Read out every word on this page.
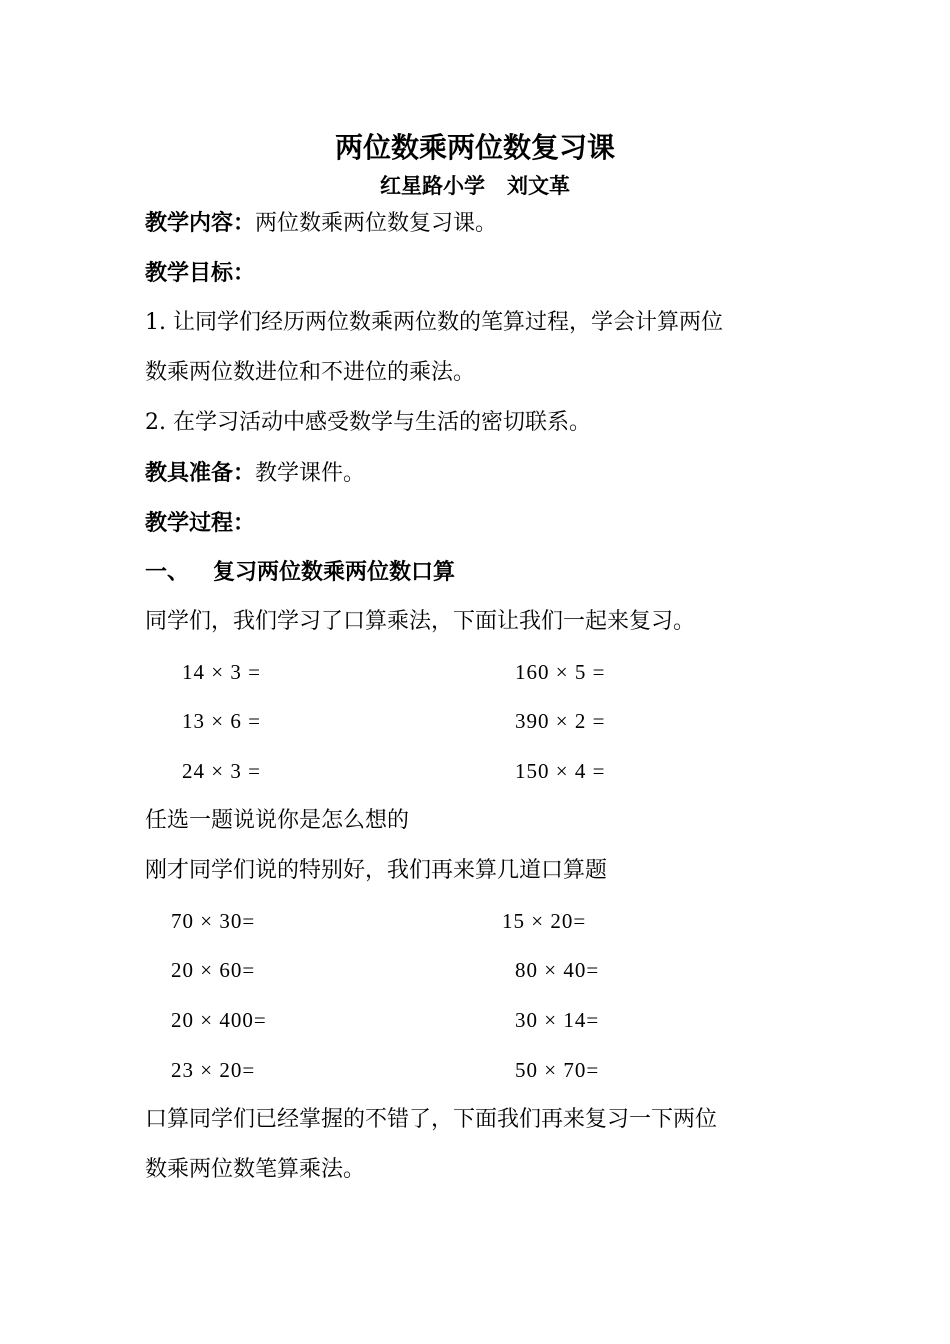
两位数乘两位数复习课
红星路小学   刘文革
教学内容：两位数乘两位数复习课。
教学目标：
1. 让同学们经历两位数乘两位数的笔算过程，学会计算两位
数乘两位数进位和不进位的乘法。
2. 在学习活动中感受数学与生活的密切联系。
教具准备：教学课件。
教学过程：
一、 复习两位数乘两位数口算
同学们，我们学习了口算乘法，下面让我们一起来复习。
14 × 3 =	160 × 5 =
13 × 6 =	390 × 2 =
24 × 3 =	150 × 4 =
任选一题说说你是怎么想的
刚才同学们说的特别好，我们再来算几道口算题
70 × 30=	15 × 20=
20 × 60=	80 × 40=
20 × 400=	30 × 14=
23 × 20=	50 × 70=
口算同学们已经掌握的不错了，下面我们再来复习一下两位
数乘两位数笔算乘法。
